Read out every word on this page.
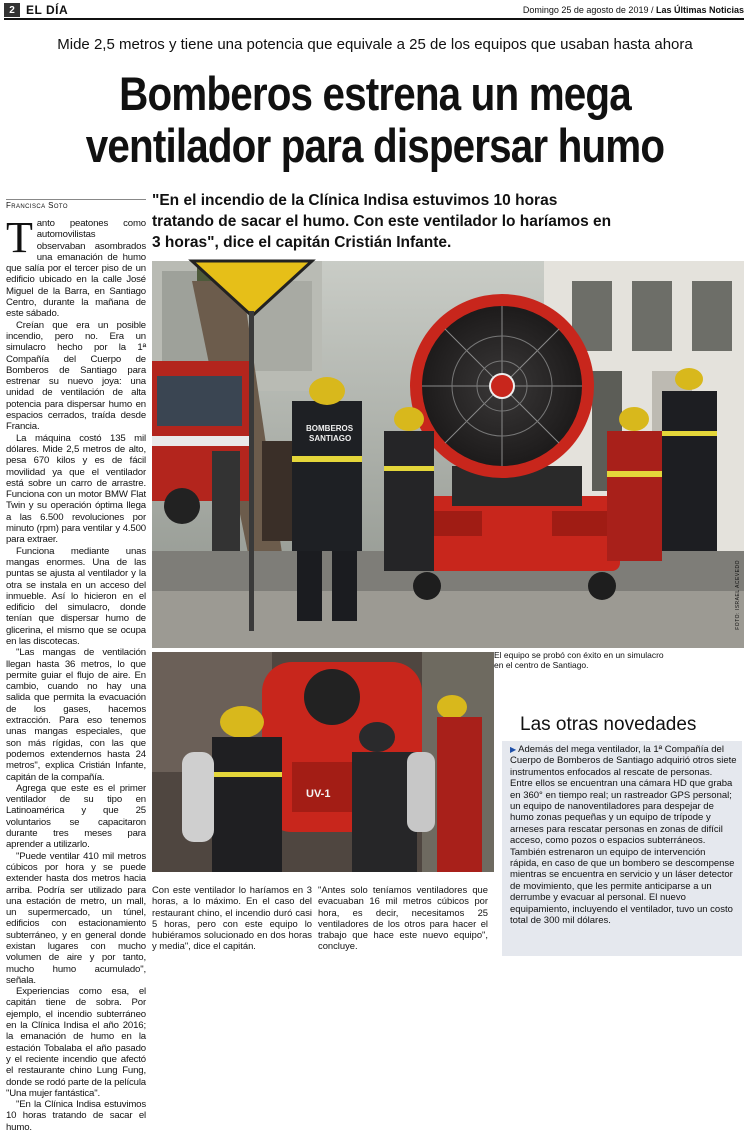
2 EL DÍA	Domingo 25 de agosto de 2019 / Las Últimas Noticias
Mide 2,5 metros y tiene una potencia que equivale a 25 de los equipos que usaban hasta ahora
Bomberos estrena un mega
ventilador para dispersar humo
Francisca Soto	"En el incendio de la Clínica Indisa estuvimos 10 horas tratando de sacar el humo. Con este ventilador lo haríamos en 3 horas", dice el capitán Cristián Infante.

Tanto peatones como automovilistas observaban asombrados una emanación de humo que salía por el tercer piso de un edificio ubicado en la calle José Miguel de la Barra, en Santiago Centro, durante la mañana de este sábado.

Creían que era un posible incendio, pero no. Era un simulacro hecho por la 1ª Compañía del Cuerpo de Bomberos de Santiago para estrenar su nuevo joya: una unidad de ventilación de alta potencia para dispersar humo en espacios cerrados, traída desde Francia.

La máquina costó 135 mil dólares. Mide 2,5 metros de alto, pesa 670 kilos y es de fácil movilidad ya que el ventilador está sobre un carro de arrastre. Funciona con un motor BMW Flat Twin y su operación óptima llega a las 6.500 revoluciones por minuto (rpm) para ventilar y 4.500 para extraer.

Funciona mediante unas mangas enormes. Una de las puntas se ajusta al ventilador y la otra se instala en un acceso del inmueble. Así lo hicieron en el edificio del simulacro, donde tenían que dispersar humo de glicerina, el mismo que se ocupa en las discotecas.

"Las mangas de ventilación llegan hasta 36 metros, lo que permite guiar el flujo de aire. En cambio, cuando no hay una salida que permita la evacuación de los gases, hacemos extracción. Para eso tenemos unas mangas especiales, que son más rígidas, con las que podemos extendernos hasta 24 metros", explica Cristián Infante, capitán de la compañía.

Agrega que este es el primer ventilador de su tipo en Latinoamérica y que 25 voluntarios se capacitaron durante tres meses para aprender a utilizarlo.

"Puede ventilar 410 mil metros cúbicos por hora y se puede extender hasta dos metros hacia arriba. Podría ser utilizado para una estación de metro, un mall, un supermercado, un túnel, edificios con estacionamiento subterráneo, y en general donde existan lugares con mucho volumen de aire y por tanto, mucho humo acumulado", señala.

Experiencias como esa, el capitán tiene de sobra. Por ejemplo, el incendio subterráneo en la Clínica Indisa el año 2016; la emanación de humo en la estación Tobalaba el año pasado y el reciente incendio que afectó el restaurante chino Lung Fung, donde se rodó parte de la película "Una mujer fantástica".

"En la Clínica Indisa estuvimos 10 horas tratando de sacar el humo.

BOMBEROS
SANTIAGO
FOTO: ISRAEL ACEVEDO
El equipo se probó con éxito en un simulacro en el centro de Santiago.
UV-1
Con este ventilador lo haríamos en 3 horas, a lo máximo. En el caso del restaurant chino, el incendio duró casi 5 horas, pero con este equipo lo hubiéramos solucionado en dos horas y media", dice el capitán.
"Antes solo teníamos ventiladores que evacuaban 16 mil metros cúbicos por hora, es decir, necesitamos 25 ventiladores de los otros para hacer el trabajo que hace este nuevo equipo", concluye.
Las otras novedades

▶ Además del mega ventilador, la 1ª Compañía del Cuerpo de Bomberos de Santiago adquirió otros siete instrumentos enfocados al rescate de personas. Entre ellos se encuentran una cámara HD que graba en 360° en tiempo real; un rastreador GPS personal; un equipo de nanoventiladores para despejar de humo zonas pequeñas y un equipo de trípode y arneses para rescatar personas en zonas de difícil acceso, como pozos o espacios subterráneos.

También estrenaron un equipo de intervención rápida, en caso de que un bombero se descompense mientras se encuentra en servicio y un láser detector de movimiento, que les permite anticiparse a un derrumbe y evacuar al personal. El nuevo equipamiento, incluyendo el ventilador, tuvo un costo total de 300 mil dólares.
